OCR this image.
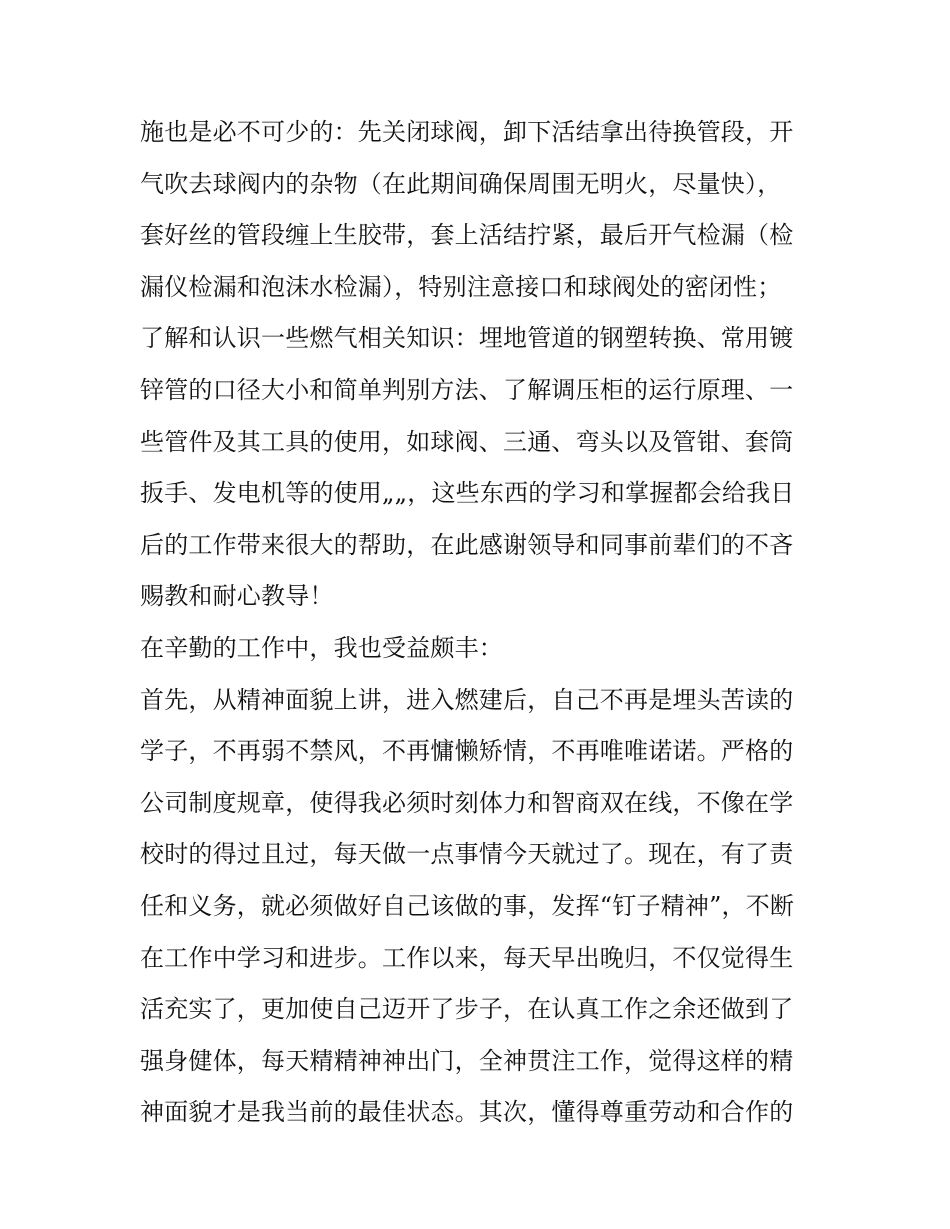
施也是必不可少的：先关闭球阀，卸下活结拿出待换管段，开
气吹去球阀内的杂物（在此期间确保周围无明火，尽量快），
套好丝的管段缠上生胶带，套上活结拧紧，最后开气检漏（检
漏仪检漏和泡沫水检漏），特别注意接口和球阀处的密闭性；
了解和认识一些燃气相关知识：埋地管道的钢塑转换、常用镀
锌管的口径大小和简单判别方法、了解调压柜的运行原理、一
些管件及其工具的使用，如球阀、三通、弯头以及管钳、套筒
扳手、发电机等的使用„„，这些东西的学习和掌握都会给我日
后的工作带来很大的帮助，在此感谢领导和同事前辈们的不吝
赐教和耐心教导！
在辛勤的工作中，我也受益颇丰：
首先，从精神面貌上讲，进入燃建后，自己不再是埋头苦读的
学子，不再弱不禁风，不再慵懒矫情，不再唯唯诺诺。严格的
公司制度规章，使得我必须时刻体力和智商双在线，不像在学
校时的得过且过，每天做一点事情今天就过了。现在，有了责
任和义务，就必须做好自己该做的事，发挥“钉子精神”，不断
在工作中学习和进步。工作以来，每天早出晚归，不仅觉得生
活充实了，更加使自己迈开了步子，在认真工作之余还做到了
强身健体，每天精精神神出门，全神贯注工作，觉得这样的精
神面貌才是我当前的最佳状态。其次，懂得尊重劳动和合作的
